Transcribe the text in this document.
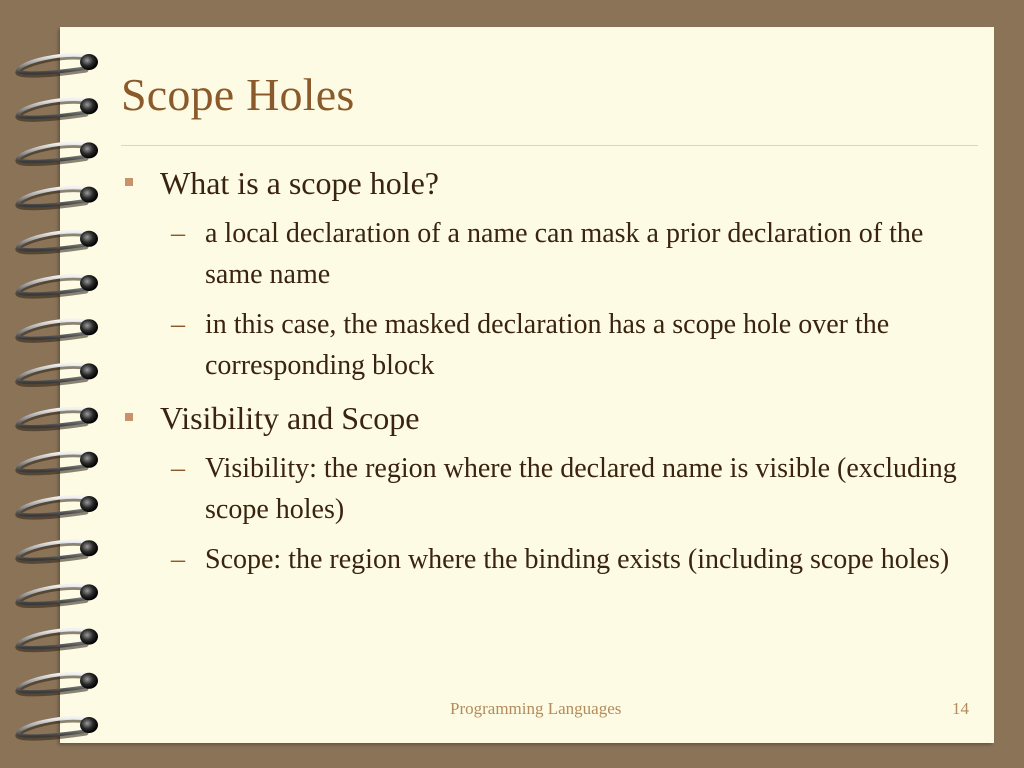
Scope Holes
What is a scope hole?
– a local declaration of a name can mask a prior declaration of the same name
– in this case, the masked declaration has a scope hole over the corresponding block
Visibility and Scope
– Visibility: the region where the declared name is visible (excluding scope holes)
– Scope: the region where the binding exists (including scope holes)
Programming Languages	14
